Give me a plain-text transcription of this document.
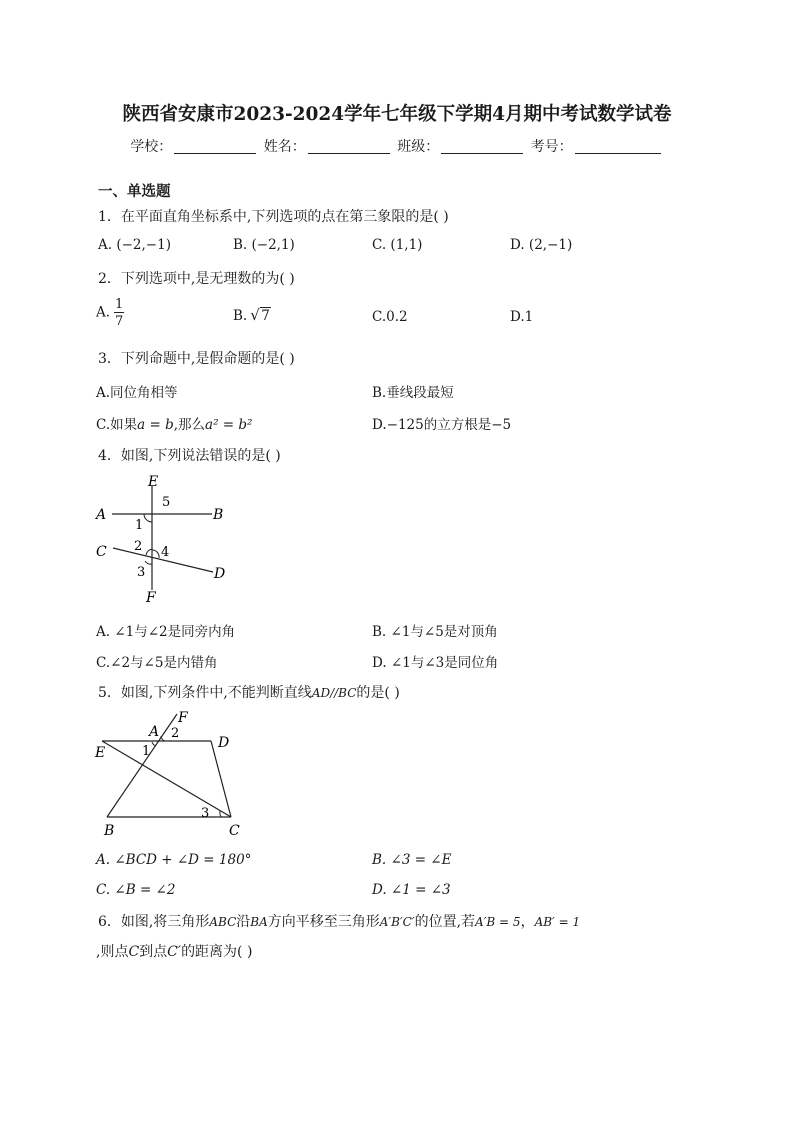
陕西省安康市2023-2024学年七年级下学期4月期中考试数学试卷
学校：	姓名：	班级：	考号：
一、单选题
1．在平面直角坐标系中,下列选项的点在第三象限的是( )
A. (−2,−1)	B. (−2,1)	C. (1,1)	D. (2,−1)
2．下列选项中,是无理数的为( )
A. $\frac{1}{7}$	B. √ 7	C.0.2	D.1
3．下列命题中,是假命题的是( )
A.同位角相等	B.垂线段最短
C.如果a = b,那么a² = b²	D.−125的立方根是−5
4．如图,下列说法错误的是( )
E
5
A	B
1
2
C	4
3	D
F
A. ∠1与∠2是同旁内角	B. ∠1与∠5是对顶角
C.∠2与∠5是内错角	D. ∠1与∠3是同位角
5．如图,下列条件中,不能判断直线AD//BC的是( )
F
A 2
D
E	1
3
B	C
A. ∠BCD + ∠D = 180°	B. ∠3 = ∠E
C. ∠B = ∠2	D. ∠1 = ∠3
6．如图,将三角形ABC沿BA方向平移至三角形A′B′C′的位置,若A′B = 5，AB′ = 1
,则点C到点C′的距离为( )
